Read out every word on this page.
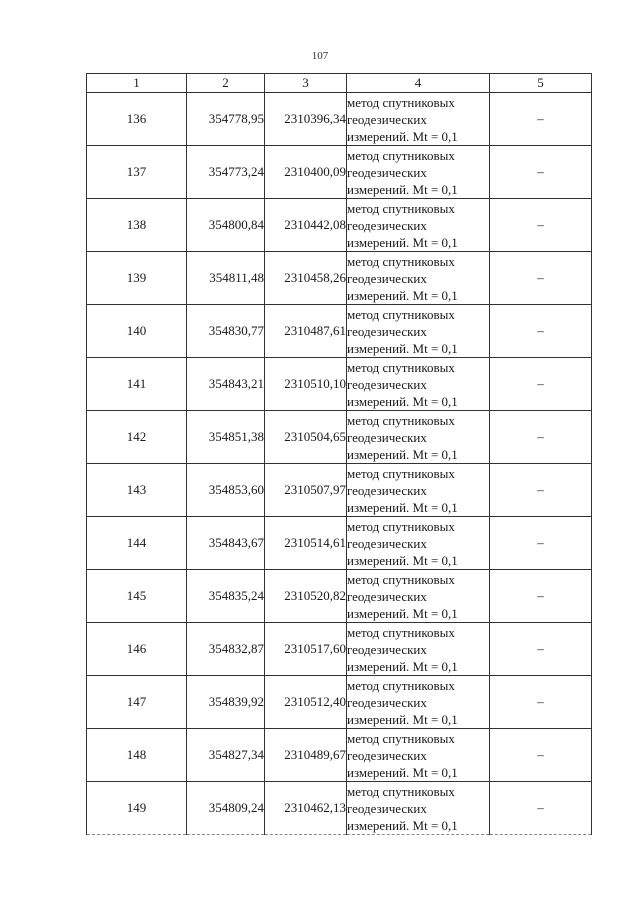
107
1	2	3	4	5
136	354778,95	2310396,34	метод спутниковых
геодезических
измерений. Mt = 0,1	–
137	354773,24	2310400,09	метод спутниковых
геодезических
измерений. Mt = 0,1	–
138	354800,84	2310442,08	метод спутниковых
геодезических
измерений. Mt = 0,1	–
139	354811,48	2310458,26	метод спутниковых
геодезических
измерений. Mt = 0,1	–
140	354830,77	2310487,61	метод спутниковых
геодезических
измерений. Mt = 0,1	–
141	354843,21	2310510,10	метод спутниковых
геодезических
измерений. Mt = 0,1	–
142	354851,38	2310504,65	метод спутниковых
геодезических
измерений. Mt = 0,1	–
143	354853,60	2310507,97	метод спутниковых
геодезических
измерений. Mt = 0,1	–
144	354843,67	2310514,61	метод спутниковых
геодезических
измерений. Mt = 0,1	–
145	354835,24	2310520,82	метод спутниковых
геодезических
измерений. Mt = 0,1	–
146	354832,87	2310517,60	метод спутниковых
геодезических
измерений. Mt = 0,1	–
147	354839,92	2310512,40	метод спутниковых
геодезических
измерений. Mt = 0,1	–
148	354827,34	2310489,67	метод спутниковых
геодезических
измерений. Mt = 0,1	–
149	354809,24	2310462,13	метод спутниковых
геодезических
измерений. Mt = 0,1	–
